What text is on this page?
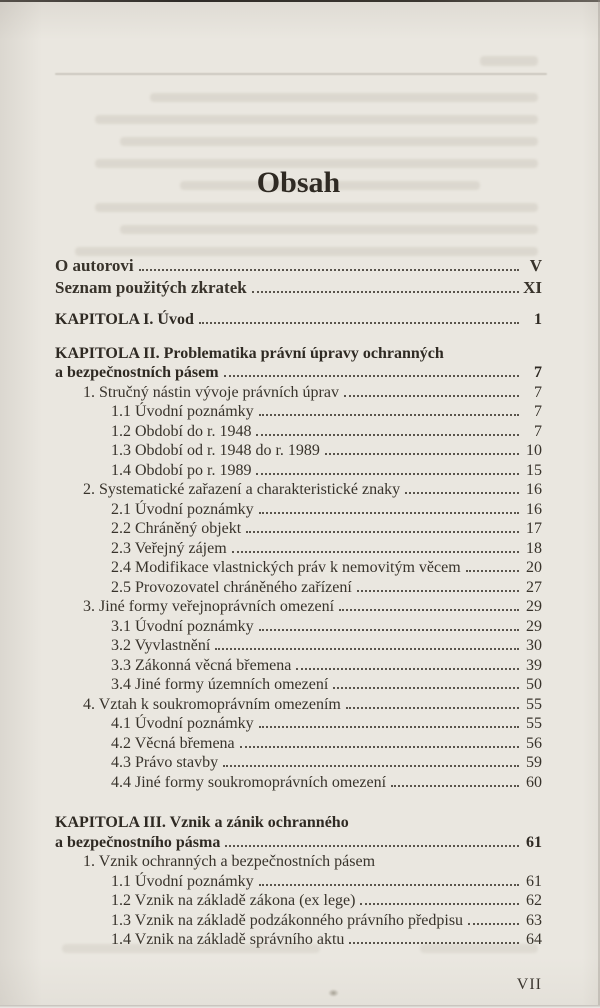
Obsah
O autorovi	V
Seznam použitých zkratek	XI
KAPITOLA I. Úvod	1
KAPITOLA II. Problematika právní úpravy ochranných
a bezpečnostních pásem	7
1. Stručný nástin vývoje právních úprav	7
1.1 Úvodní poznámky	7
1.2 Období do r. 1948	7
1.3 Období od r. 1948 do r. 1989	10
1.4 Období po r. 1989	15
2. Systematické zařazení a charakteristické znaky	16
2.1 Úvodní poznámky	16
2.2 Chráněný objekt	17
2.3 Veřejný zájem	18
2.4 Modifikace vlastnických práv k nemovitým věcem	20
2.5 Provozovatel chráněného zařízení	27
3. Jiné formy veřejnoprávních omezení	29
3.1 Úvodní poznámky	29
3.2 Vyvlastnění	30
3.3 Zákonná věcná břemena	39
3.4 Jiné formy územních omezení	50
4. Vztah k soukromoprávním omezením	55
4.1 Úvodní poznámky	55
4.2 Věcná břemena	56
4.3 Právo stavby	59
4.4 Jiné formy soukromoprávních omezení	60
KAPITOLA III. Vznik a zánik ochranného
a bezpečnostního pásma	61
1. Vznik ochranných a bezpečnostních pásem
1.1 Úvodní poznámky	61
1.2 Vznik na základě zákona (ex lege)	62
1.3 Vznik na základě podzákonného právního předpisu	63
1.4 Vznik na základě správního aktu	64
VII
